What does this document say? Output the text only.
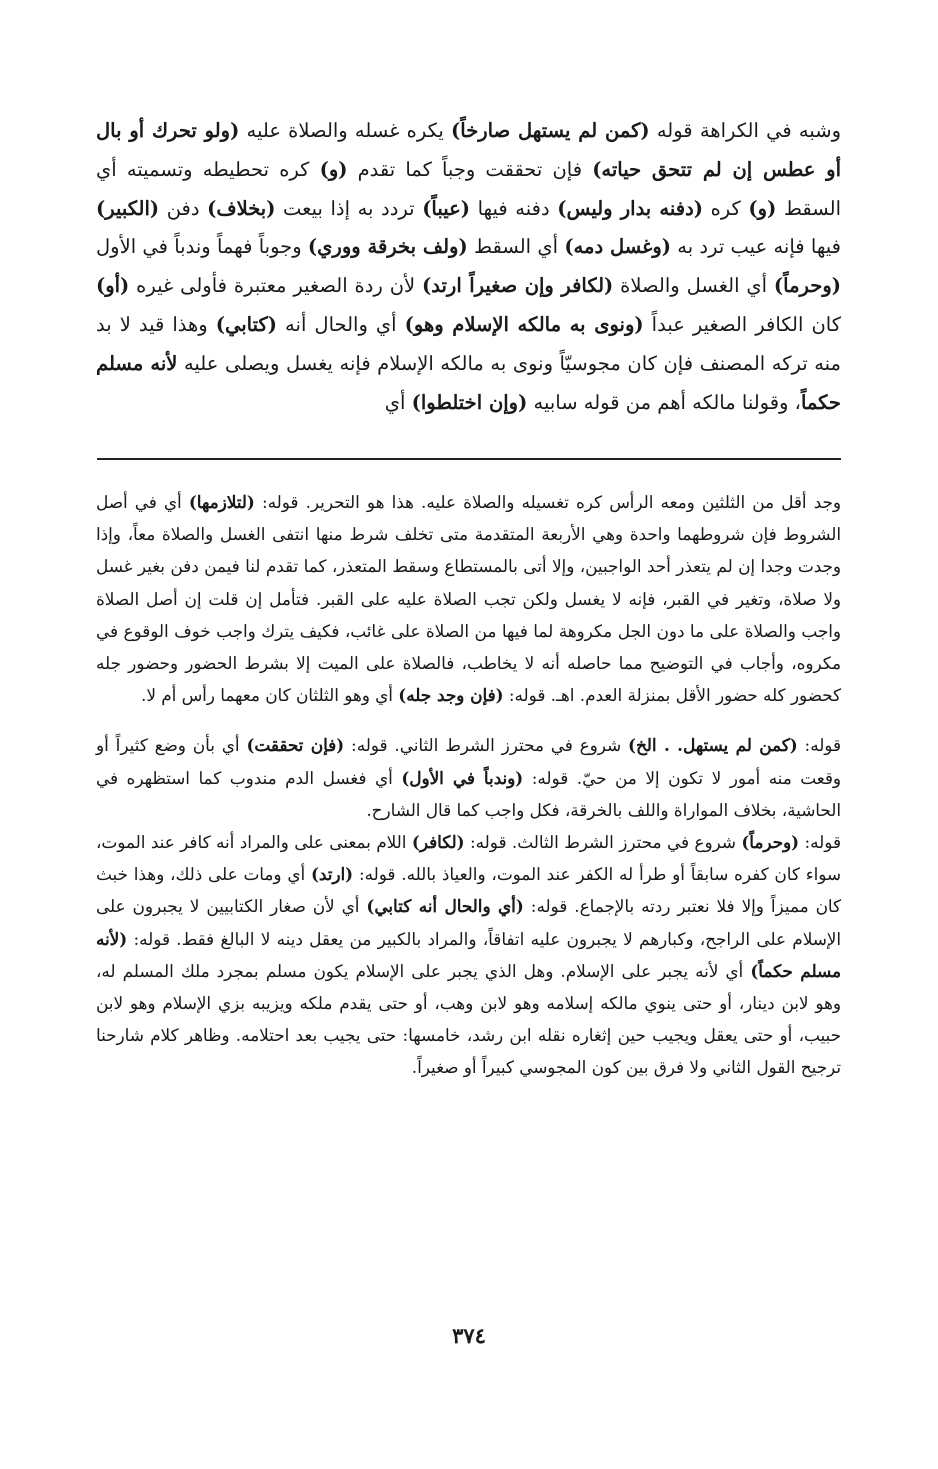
وشبه في الكراهة قوله (كمن لم يستهل صارخاً) يكره غسله والصلاة عليه (ولو تحرك أو بال أو عطس إن لم تتحق حياته) فإن تحققت وجباً كما تقدم (و) كره تحطيطه وتسميته أي السقط (و) كره (دفنه بدار وليس) دفنه فيها (عيباً) تردد به إذا بيعت (بخلاف) دفن (الكبير) فيها فإنه عيب ترد به (وغسل دمه) أي السقط (ولف بخرقة ووري) وجوباً فهماً وندباً في الأول (وحرماً) أي الغسل والصلاة (لكافر وإن صغيراً ارتد) لأن ردة الصغير معتبرة فأولى غيره (أو) كان الكافر الصغير عبداً (ونوى به مالكه الإسلام وهو) أي والحال أنه (كتابي) وهذا قيد لا بد منه تركه المصنف فإن كان مجوسيّاً ونوى به مالكه الإسلام فإنه يغسل ويصلى عليه لأنه مسلم حكماً، وقولنا مالكه أهم من قوله سابيه (وإن اختلطوا) أي

وجد أقل من الثلثين ومعه الرأس كره تغسيله والصلاة عليه. هذا هو التحرير. قوله: (لتلازمها) أي في أصل الشروط فإن شروطهما واحدة وهي الأربعة المتقدمة متى تخلف شرط منها انتفى الغسل والصلاة معاً، وإذا وجدت وجدا إن لم يتعذر أحد الواجبين، وإلا أتى بالمستطاع وسقط المتعذر، كما تقدم لنا فيمن دفن بغير غسل ولا صلاة، وتغير في القبر، فإنه لا يغسل ولكن تجب الصلاة عليه على القبر. فتأمل إن قلت إن أصل الصلاة واجب والصلاة على ما دون الجل مكروهة لما فيها من الصلاة على غائب، فكيف يترك واجب خوف الوقوع في مكروه، وأجاب في التوضيح مما حاصله أنه لا يخاطب، فالصلاة على الميت إلا بشرط الحضور وحضور جله كحضور كله حضور الأقل بمنزلة العدم. اهـ. قوله: (فإن وجد جله) أي وهو الثلثان كان معهما رأس أم لا.

قوله: (كمن لم يستهل. . الخ) شروع في محترز الشرط الثاني. قوله: (فإن تحققت) أي بأن وضع كثيراً أو وقعت منه أمور لا تكون إلا من حيّ. قوله: (وندباً في الأول) أي فغسل الدم مندوب كما استظهره في الحاشية، بخلاف المواراة واللف بالخرقة، فكل واجب كما قال الشارح.

قوله: (وحرماً) شروع في محترز الشرط الثالث. قوله: (لكافر) اللام بمعنى على والمراد أنه كافر عند الموت، سواء كان كفره سابقاً أو طرأ له الكفر عند الموت، والعياذ بالله. قوله: (ارتد) أي ومات على ذلك، وهذا خبث كان مميزاً وإلا فلا نعتبر ردته بالإجماع. قوله: (أي والحال أنه كتابي) أي لأن صغار الكتابيين لا يجبرون على الإسلام على الراجح، وكبارهم لا يجبرون عليه اتفاقاً، والمراد بالكبير من يعقل دينه لا البالغ فقط. قوله: (لأنه مسلم حكماً) أي لأنه يجبر على الإسلام. وهل الذي يجبر على الإسلام يكون مسلم بمجرد ملك المسلم له، وهو لابن دينار، أو حتى ينوي مالكه إسلامه وهو لابن وهب، أو حتى يقدم ملكه ويزيبه بزي الإسلام وهو لابن حبيب، أو حتى يعقل ويجيب حين إثغاره نقله ابن رشد، خامسها: حتى يجيب بعد احتلامه. وظاهر كلام شارحنا ترجيح القول الثاني ولا فرق بين كون المجوسي كبيراً أو صغيراً.

٣٧٤
